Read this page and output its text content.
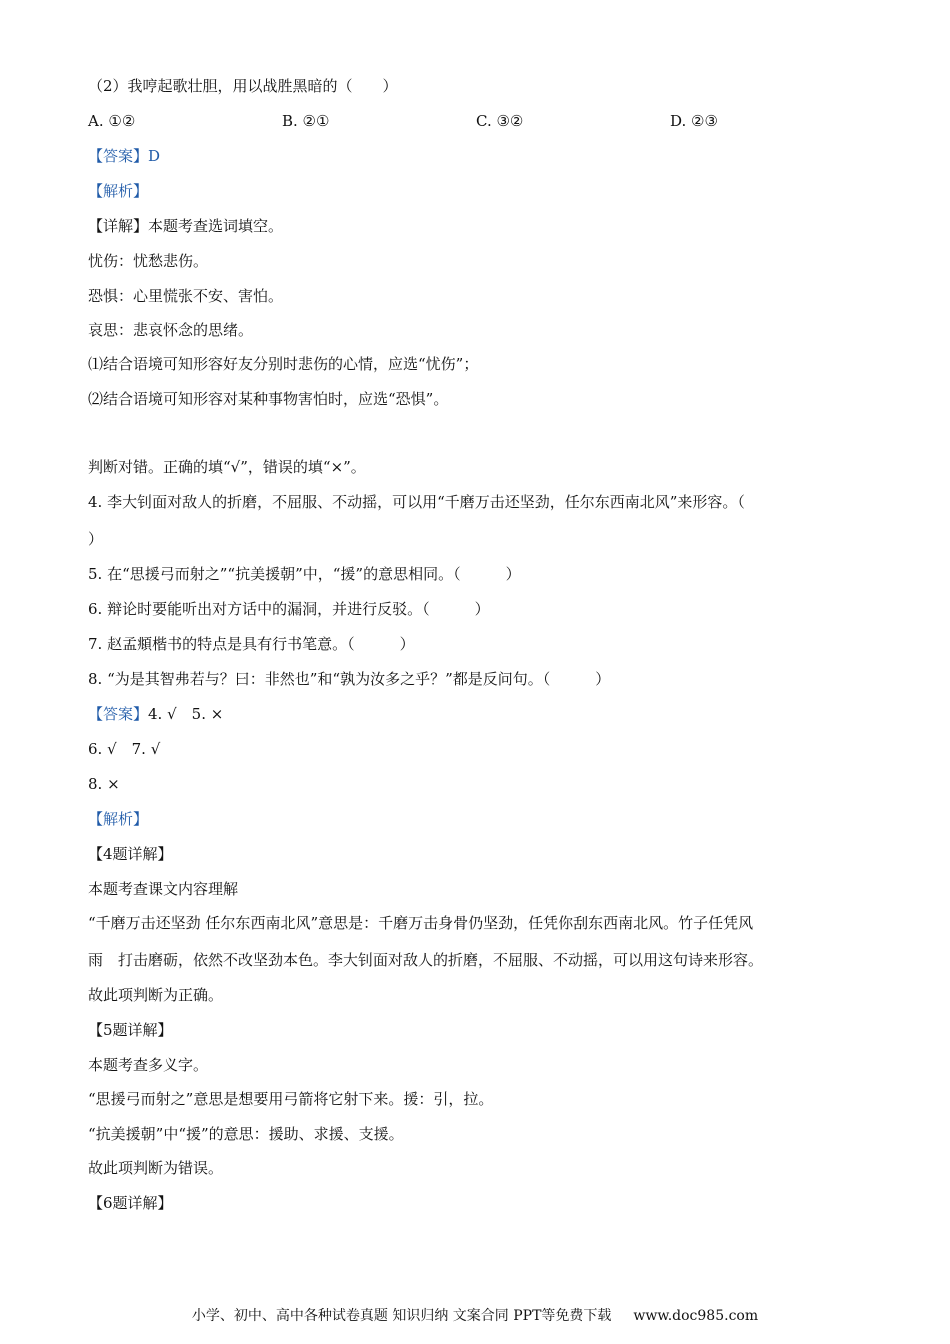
（2）我哼起歌壮胆，用以战胜黑暗的（　　）
A. ①②	B. ②①	C. ③②	D. ②③
【答案】D
【解析】
【详解】本题考查选词填空。
忧伤：忧愁悲伤。
恐惧：心里慌张不安、害怕。
哀思：悲哀怀念的思绪。
⑴结合语境可知形容好友分别时悲伤的心情，应选“忧伤”；
⑵结合语境可知形容对某种事物害怕时，应选“恐惧”。
判断对错。正确的填“√”，错误的填“×”。
4. 李大钊面对敌人的折磨，不屈服、不动摇，可以用“千磨万击还坚劲，任尔东西南北风”来形容。（
）
5. 在“思援弓而射之”“抗美援朝”中，“援”的意思相同。（　　　）
6. 辩论时要能听出对方话中的漏洞，并进行反驳。（　　　）
7. 赵孟頫楷书的特点是具有行书笔意。（　　　）
8. “为是其智弗若与？曰：非然也”和“孰为汝多之乎？”都是反问句。（　　　）
【答案】4. √　5. ×
6. √　7. √
8. ×
【解析】
【4题详解】
本题考查课文内容理解
“千磨万击还坚劲 任尔东西南北风”意思是：千磨万击身骨仍坚劲，任凭你刮东西南北风。竹子任凭风
雨　打击磨砺，依然不改坚劲本色。李大钊面对敌人的折磨，不屈服、不动摇，可以用这句诗来形容。
故此项判断为正确。
【5题详解】
本题考查多义字。
“思援弓而射之”意思是想要用弓箭将它射下来。援：引，拉。
“抗美援朝”中“援”的意思：援助、求援、支援。
故此项判断为错误。
【6题详解】
小学、初中、高中各种试卷真题 知识归纳 文案合同 PPT等免费下载 www.doc985.com
